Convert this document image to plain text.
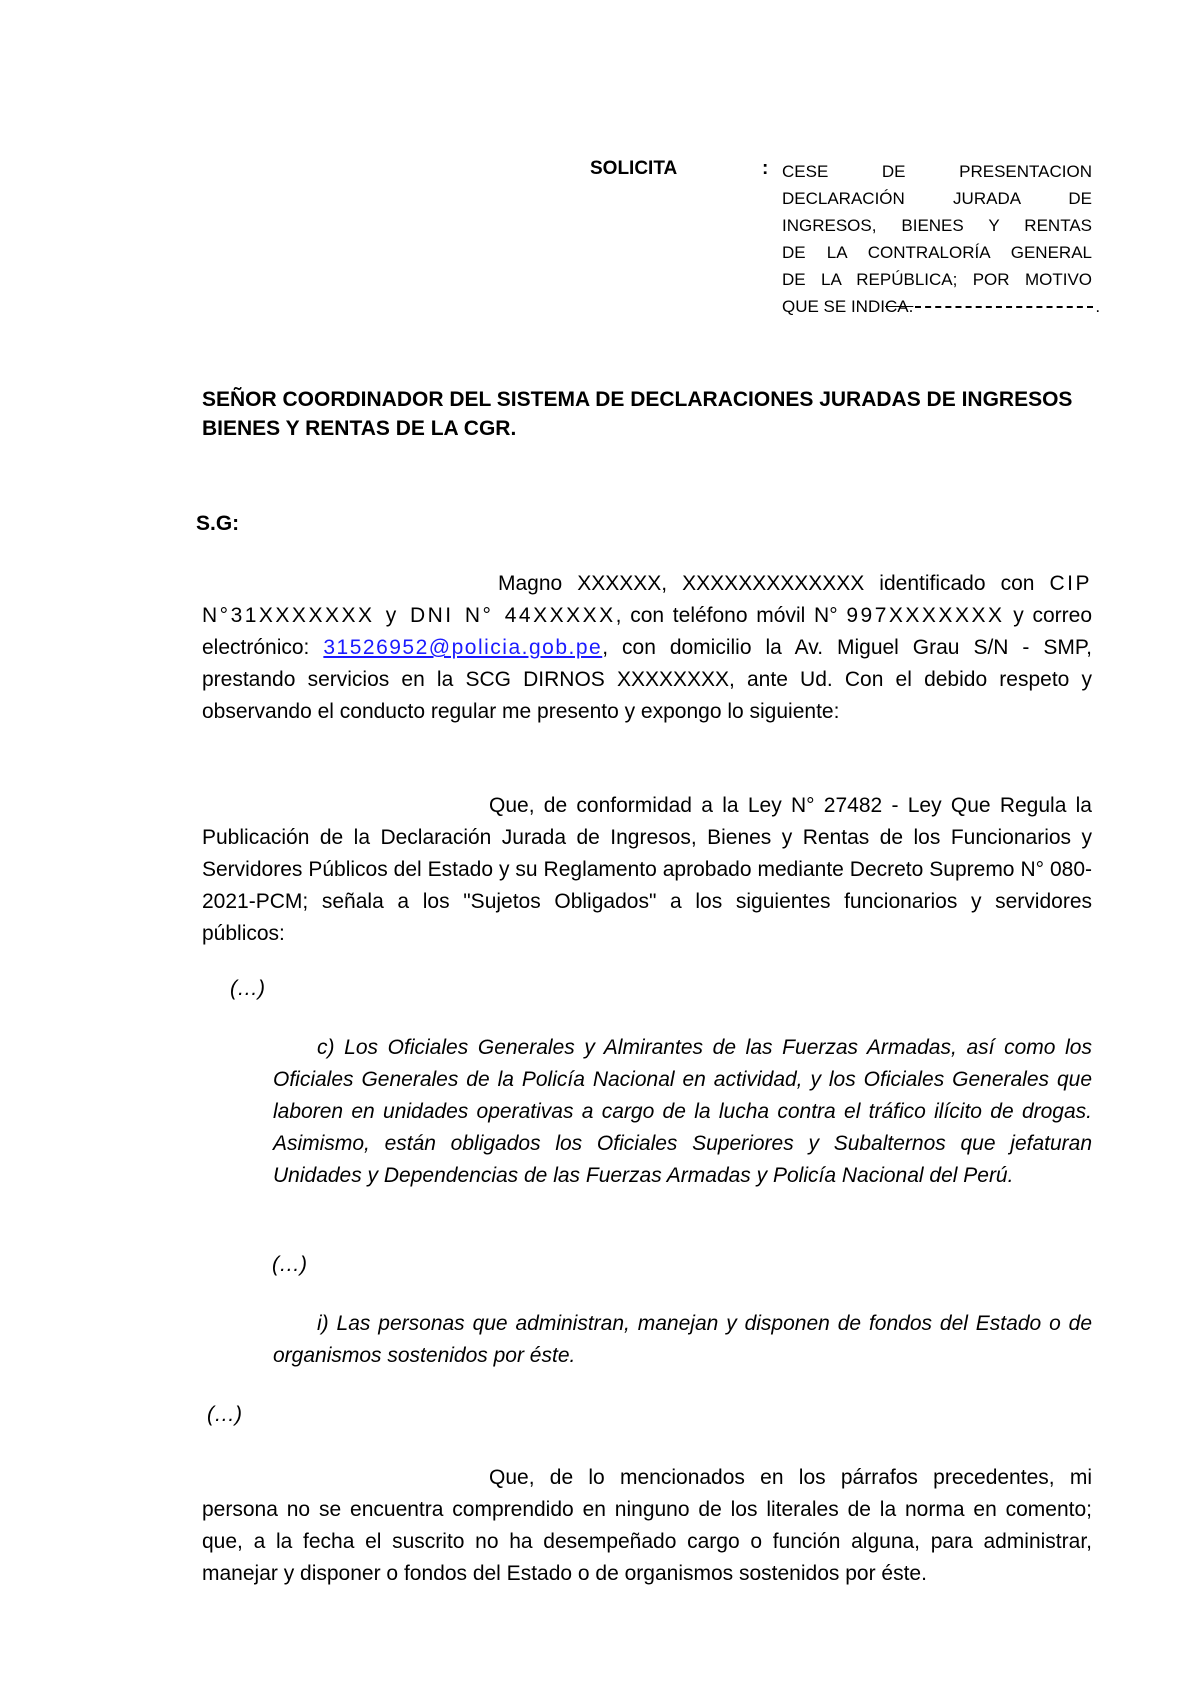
SOLICITA	: CESE DE PRESENTACION
DECLARACIÓN JURADA DE
INGRESOS, BIENES Y RENTAS
DE LA CONTRALORÍA GENERAL
DE LA REPÚBLICA; POR MOTIVO
QUE SE INDICA.	.
SEÑOR COORDINADOR DEL SISTEMA DE DECLARACIONES JURADAS DE INGRESOS BIENES Y RENTAS DE LA CGR.
S.G:
Magno XXXXXX, XXXXXXXXXXXXX identificado con CIP N°31XXXXXXX y DNI N° 44XXXXX, con teléfono móvil N° 997XXXXXXX y correo electrónico: 31526952@policia.gob.pe, con domicilio la Av. Miguel Grau S/N - SMP, prestando servicios en la SCG DIRNOS XXXXXXXX, ante Ud. Con el debido respeto y observando el conducto regular me presento y expongo lo siguiente:
Que, de conformidad a la Ley N° 27482 - Ley Que Regula la Publicación de la Declaración Jurada de Ingresos, Bienes y Rentas de los Funcionarios y Servidores Públicos del Estado y su Reglamento aprobado mediante Decreto Supremo N° 080-2021-PCM; señala a los "Sujetos Obligados" a los siguientes funcionarios y servidores públicos:
(…)
c) Los Oficiales Generales y Almirantes de las Fuerzas Armadas, así como los Oficiales Generales de la Policía Nacional en actividad, y los Oficiales Generales que laboren en unidades operativas a cargo de la lucha contra el tráfico ilícito de drogas. Asimismo, están obligados los Oficiales Superiores y Subalternos que jefaturan Unidades y Dependencias de las Fuerzas Armadas y Policía Nacional del Perú.
(…)
i) Las personas que administran, manejan y disponen de fondos del Estado o de organismos sostenidos por éste.
(…)
Que, de lo mencionados en los párrafos precedentes, mi persona no se encuentra comprendido en ninguno de los literales de la norma en comento; que, a la fecha el suscrito no ha desempeñado cargo o función alguna, para administrar, manejar y disponer o fondos del Estado o de organismos sostenidos por éste.
